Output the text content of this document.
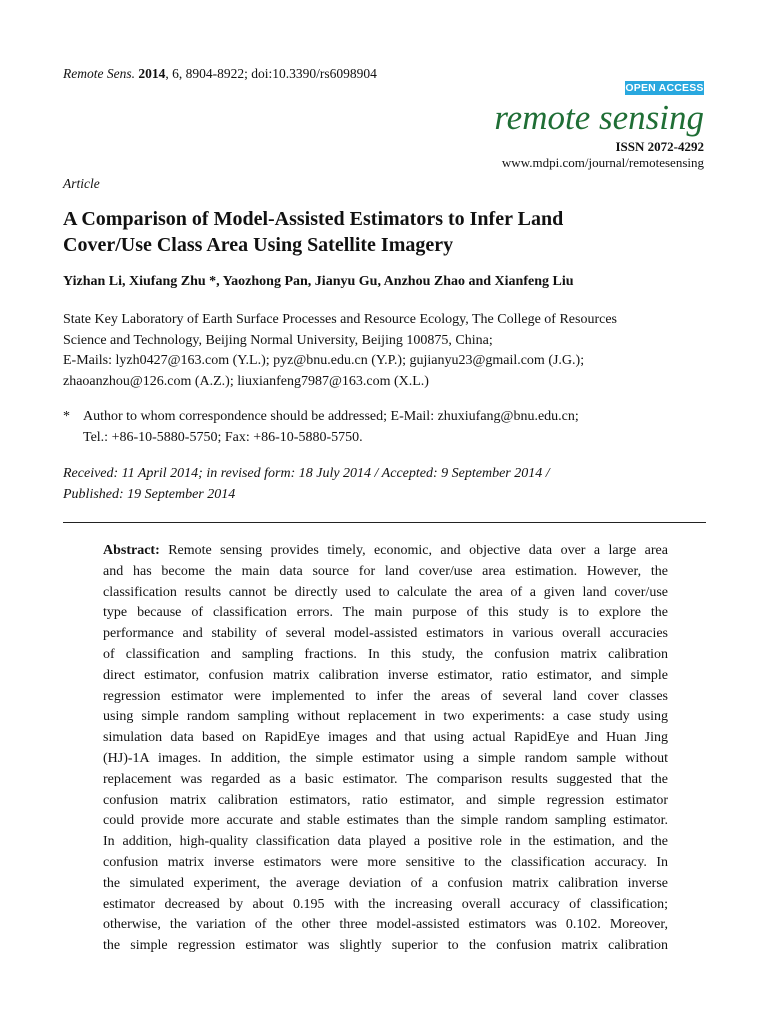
Remote Sens. 2014, 6, 8904-8922; doi:10.3390/rs6098904
OPEN ACCESS
remote sensing
ISSN 2072-4292
www.mdpi.com/journal/remotesensing
Article
A Comparison of Model-Assisted Estimators to Infer Land
Cover/Use Class Area Using Satellite Imagery
Yizhan Li, Xiufang Zhu *, Yaozhong Pan, Jianyu Gu, Anzhou Zhao and Xianfeng Liu
State Key Laboratory of Earth Surface Processes and Resource Ecology, The College of Resources
Science and Technology, Beijing Normal University, Beijing 100875, China;
E-Mails: lyzh0427@163.com (Y.L.); pyz@bnu.edu.cn (Y.P.); gujianyu23@gmail.com (J.G.);
zhaoanzhou@126.com (A.Z.); liuxianfeng7987@163.com (X.L.)
* Author to whom correspondence should be addressed; E-Mail: zhuxiufang@bnu.edu.cn;
Tel.: +86-10-5880-5750; Fax: +86-10-5880-5750.
Received: 11 April 2014; in revised form: 18 July 2014 / Accepted: 9 September 2014 /
Published: 19 September 2014
Abstract: Remote sensing provides timely, economic, and objective data over a large area
and has become the main data source for land cover/use area estimation. However, the
classification results cannot be directly used to calculate the area of a given land cover/use
type because of classification errors. The main purpose of this study is to explore the
performance and stability of several model-assisted estimators in various overall accuracies
of classification and sampling fractions. In this study, the confusion matrix calibration
direct estimator, confusion matrix calibration inverse estimator, ratio estimator, and simple
regression estimator were implemented to infer the areas of several land cover classes
using simple random sampling without replacement in two experiments: a case study using
simulation data based on RapidEye images and that using actual RapidEye and Huan Jing
(HJ)-1A images. In addition, the simple estimator using a simple random sample without
replacement was regarded as a basic estimator. The comparison results suggested that the
confusion matrix calibration estimators, ratio estimator, and simple regression estimator
could provide more accurate and stable estimates than the simple random sampling estimator.
In addition, high-quality classification data played a positive role in the estimation, and the
confusion matrix inverse estimators were more sensitive to the classification accuracy. In
the simulated experiment, the average deviation of a confusion matrix calibration inverse
estimator decreased by about 0.195 with the increasing overall accuracy of classification;
otherwise, the variation of the other three model-assisted estimators was 0.102. Moreover,
the simple regression estimator was slightly superior to the confusion matrix calibration
